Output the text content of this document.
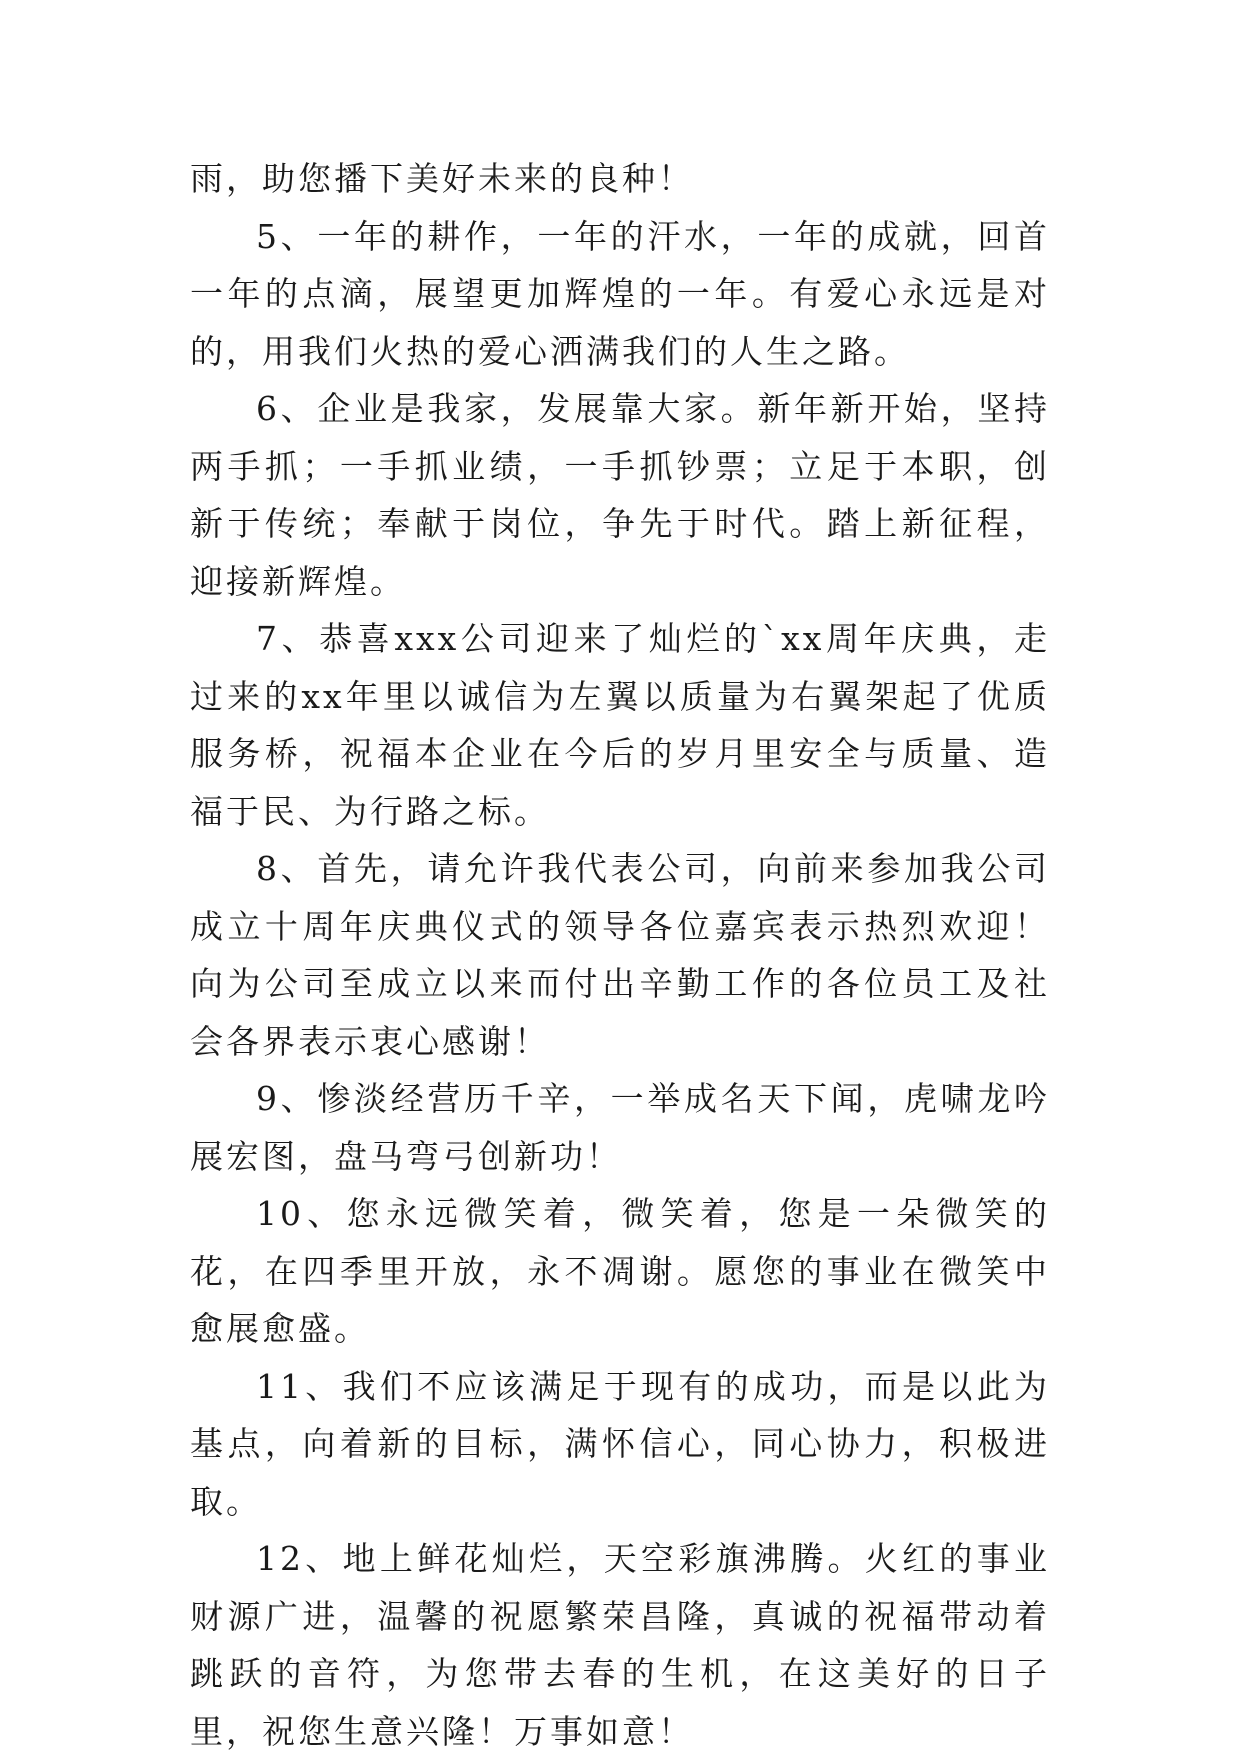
雨，助您播下美好未来的良种！

5、一年的耕作，一年的汗水，一年的成就，回首一年的点滴，展望更加辉煌的一年。有爱心永远是对的，用我们火热的爱心洒满我们的人生之路。

6、企业是我家，发展靠大家。新年新开始，坚持两手抓；一手抓业绩，一手抓钞票；立足于本职，创新于传统；奉献于岗位，争先于时代。踏上新征程，迎接新辉煌。

7、恭喜xxx公司迎来了灿烂的`xx周年庆典，走过来的xx年里以诚信为左翼以质量为右翼架起了优质服务桥，祝福本企业在今后的岁月里安全与质量、造福于民、为行路之标。

8、首先，请允许我代表公司，向前来参加我公司成立十周年庆典仪式的领导各位嘉宾表示热烈欢迎！向为公司至成立以来而付出辛勤工作的各位员工及社会各界表示衷心感谢！

9、惨淡经营历千辛，一举成名天下闻，虎啸龙吟展宏图，盘马弯弓创新功！

10、您永远微笑着，微笑着，您是一朵微笑的花，在四季里开放，永不凋谢。愿您的事业在微笑中愈展愈盛。

11、我们不应该满足于现有的成功，而是以此为基点，向着新的目标，满怀信心，同心协力，积极进取。

12、地上鲜花灿烂，天空彩旗沸腾。火红的事业财源广进，温馨的祝愿繁荣昌隆，真诚的祝福带动着跳跃的音符，为您带去春的生机，在这美好的日子里，祝您生意兴隆！万事如意！
